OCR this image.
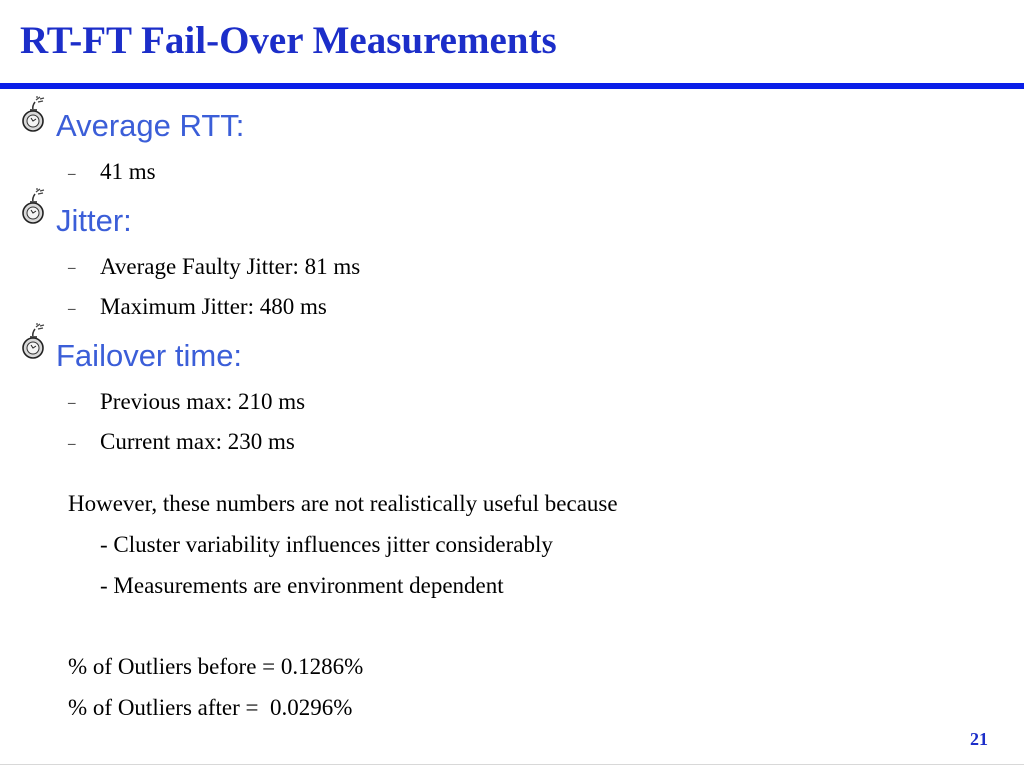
RT-FT Fail-Over Measurements
Average RTT:
– 41 ms
Jitter:
– Average Faulty Jitter: 81 ms
– Maximum Jitter: 480 ms
Failover time:
– Previous max: 210 ms
– Current max: 230 ms
However, these numbers are not realistically useful because
- Cluster variability influences jitter considerably
- Measurements are environment dependent
% of Outliers before = 0.1286%
% of Outliers after =  0.0296%
21
